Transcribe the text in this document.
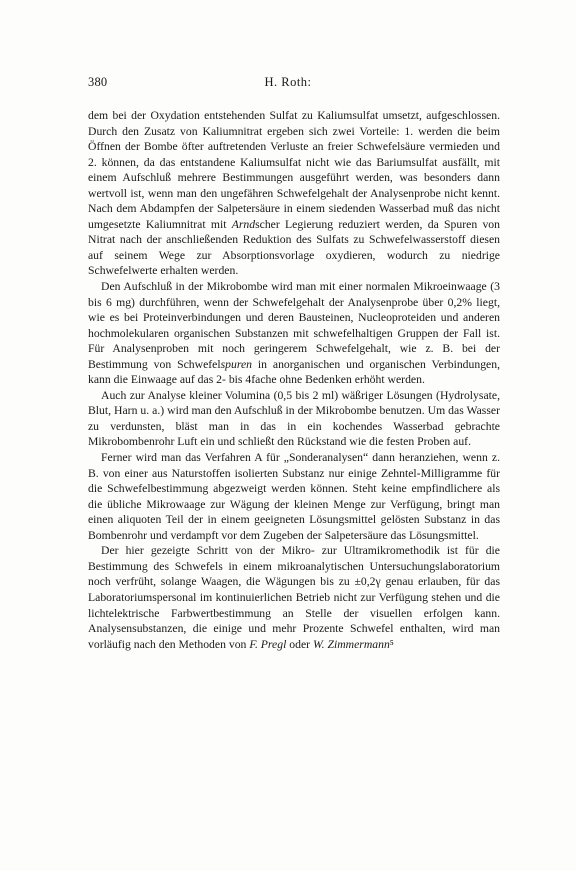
380	H. Roth:

dem bei der Oxydation entstehenden Sulfat zu Kaliumsulfat umsetzt, aufgeschlossen. Durch den Zusatz von Kaliumnitrat ergeben sich zwei Vorteile: 1. werden die beim Öffnen der Bombe öfter auftretenden Verluste an freier Schwefelsäure vermieden und 2. können, da das entstandene Kaliumsulfat nicht wie das Bariumsulfat ausfällt, mit einem Aufschluß mehrere Bestimmungen ausgeführt werden, was besonders dann wertvoll ist, wenn man den ungefähren Schwefelgehalt der Analysenprobe nicht kennt. Nach dem Abdampfen der Salpetersäure in einem siedenden Wasserbad muß das nicht umgesetzte Kaliumnitrat mit Arndscher Legierung reduziert werden, da Spuren von Nitrat nach der anschließenden Reduktion des Sulfats zu Schwefelwasserstoff diesen auf seinem Wege zur Absorptionsvorlage oxydieren, wodurch zu niedrige Schwefelwerte erhalten werden.

Den Aufschluß in der Mikrobombe wird man mit einer normalen Mikroeinwaage (3 bis 6 mg) durchführen, wenn der Schwefelgehalt der Analysenprobe über 0,2% liegt, wie es bei Proteinverbindungen und deren Bausteinen, Nucleoproteiden und anderen hochmolekularen organischen Substanzen mit schwefelhaltigen Gruppen der Fall ist. Für Analysenproben mit noch geringerem Schwefelgehalt, wie z. B. bei der Bestimmung von Schwefelspuren in anorganischen und organischen Verbindungen, kann die Einwaage auf das 2- bis 4fache ohne Bedenken erhöht werden.

Auch zur Analyse kleiner Volumina (0,5 bis 2 ml) wäßriger Lösungen (Hydrolysate, Blut, Harn u. a.) wird man den Aufschluß in der Mikrobombe benutzen. Um das Wasser zu verdunsten, bläst man in das in ein kochendes Wasserbad gebrachte Mikrobombenrohr Luft ein und schließt den Rückstand wie die festen Proben auf.

Ferner wird man das Verfahren A für „Sonderanalysen“ dann heranziehen, wenn z. B. von einer aus Naturstoffen isolierten Substanz nur einige Zehntel-Milligramme für die Schwefelbestimmung abgezweigt werden können. Steht keine empfindlichere als die übliche Mikrowaage zur Wägung der kleinen Menge zur Verfügung, bringt man einen aliquoten Teil der in einem geeigneten Lösungsmittel gelösten Substanz in das Bombenrohr und verdampft vor dem Zugeben der Salpetersäure das Lösungsmittel.

Der hier gezeigte Schritt von der Mikro- zur Ultramikromethodik ist für die Bestimmung des Schwefels in einem mikroanalytischen Untersuchungslaboratorium noch verfrüht, solange Waagen, die Wägungen bis zu ±0,2γ genau erlauben, für das Laboratoriumspersonal im kontinuierlichen Betrieb nicht zur Verfügung stehen und die lichtelektrische Farbwertbestimmung an Stelle der visuellen erfolgen kann. Analysensubstanzen, die einige und mehr Prozente Schwefel enthalten, wird man vorläufig nach den Methoden von F. Pregl oder W. Zimmermann⁵
